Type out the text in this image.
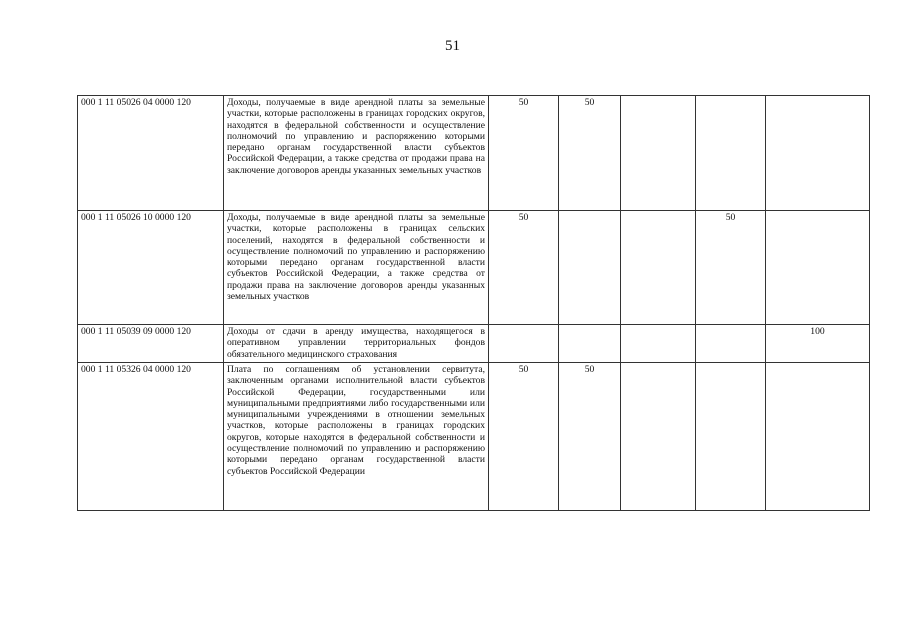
51
000 1 11 05026 04 0000 120	Доходы, получаемые в виде арендной платы за земельные участки, которые расположены в границах городских округов, находятся в федеральной собственности и осуществление полномочий по управлению и распоряжению которыми передано органам государственной власти субъектов Российской Федерации, а также средства от продажи права на заключение договоров аренды указанных земельных участков	50	50			
000 1 11 05026 10 0000 120	Доходы, получаемые в виде арендной платы за земельные участки, которые расположены в границах сельских поселений, находятся в федеральной собственности и осуществление полномочий по управлению и распоряжению которыми передано органам государственной власти субъектов Российской Федерации, а также средства от продажи права на заключение договоров аренды указанных земельных участков	50			50	
000 1 11 05039 09 0000 120	Доходы от сдачи в аренду имущества, находящегося в оперативном управлении территориальных фондов обязательного медицинского страхования					100
000 1 11 05326 04 0000 120	Плата по соглашениям об установлении сервитута, заключенным органами исполнительной власти субъектов Российской Федерации, государственными или муниципальными предприятиями либо государственными или муниципальными учреждениями в отношении земельных участков, которые расположены в границах городских округов, которые находятся в федеральной собственности и осуществление полномочий по управлению и распоряжению которыми передано органам государственной власти субъектов Российской Федерации	50	50			
